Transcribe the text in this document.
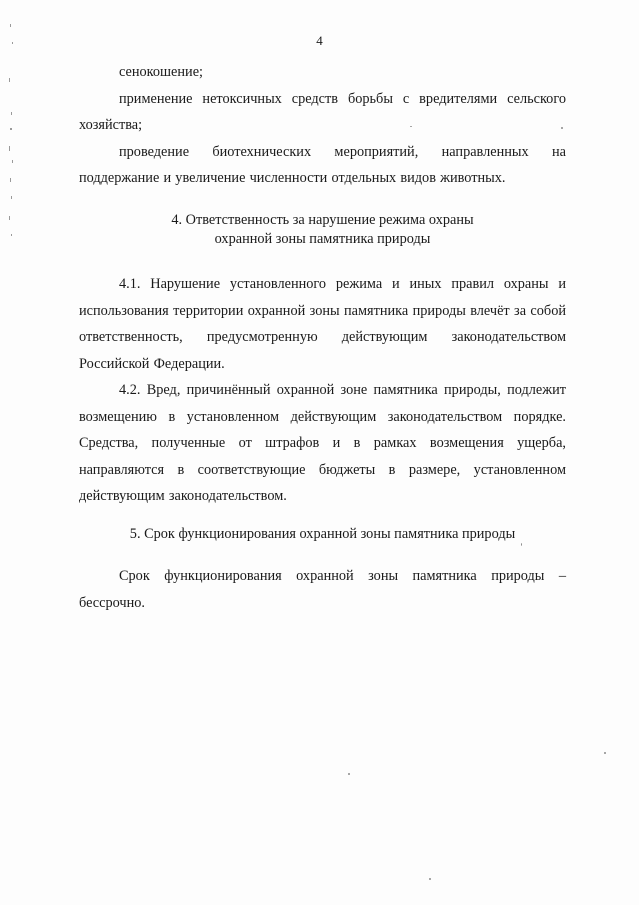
4

сенокошение;

применение нетоксичных средств борьбы с вредителями сельского хозяйства;

проведение биотехнических мероприятий, направленных на поддержание и увеличение численности отдельных видов животных.

4. Ответственность за нарушение режима охраны

охранной зоны памятника природы

4.1. Нарушение установленного режима и иных правил охраны и использования территории охранной зоны памятника природы влечёт за собой ответственность, предусмотренную действующим законодательством Российской Федерации.

4.2. Вред, причинённый охранной зоне памятника природы, подлежит возмещению в установленном действующим законодательством порядке. Средства, полученные от штрафов и в рамках возмещения ущерба, направляются в соответствующие бюджеты в размере, установленном действующим законодательством.

5. Срок функционирования охранной зоны памятника природы

Срок функционирования охранной зоны памятника природы – бессрочно.
